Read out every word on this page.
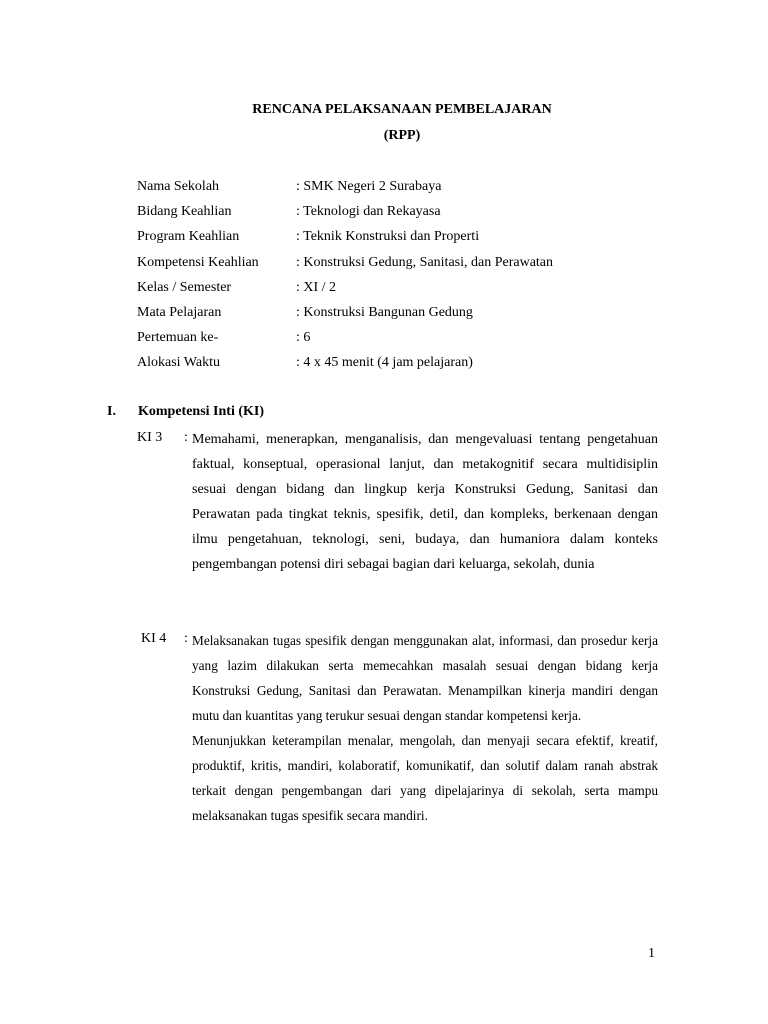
RENCANA PELAKSANAAN PEMBELAJARAN
(RPP)
Nama Sekolah	: SMK Negeri 2 Surabaya
Bidang Keahlian	: Teknologi dan Rekayasa
Program Keahlian	: Teknik Konstruksi dan Properti
Kompetensi Keahlian	: Konstruksi Gedung, Sanitasi, dan Perawatan
Kelas / Semester	: XI / 2
Mata Pelajaran	: Konstruksi Bangunan Gedung
Pertemuan ke-	: 6
Alokasi Waktu	: 4 x 45 menit (4 jam pelajaran)
I. Kompetensi Inti (KI)
KI 3 : Memahami, menerapkan, menganalisis, dan mengevaluasi tentang pengetahuan faktual, konseptual, operasional lanjut, dan metakognitif secara multidisiplin sesuai dengan bidang dan lingkup kerja Konstruksi Gedung, Sanitasi dan Perawatan pada tingkat teknis, spesifik, detil, dan kompleks, berkenaan dengan ilmu pengetahuan, teknologi, seni, budaya, dan humaniora dalam konteks pengembangan potensi diri sebagai bagian dari keluarga, sekolah, dunia

KI 4 : Melaksanakan tugas spesifik dengan menggunakan alat, informasi, dan prosedur kerja yang lazim dilakukan serta memecahkan masalah sesuai dengan bidang kerja Konstruksi Gedung, Sanitasi dan Perawatan. Menampilkan kinerja mandiri dengan mutu dan kuantitas yang terukur sesuai dengan standar kompetensi kerja.

Menunjukkan keterampilan menalar, mengolah, dan menyaji secara efektif, kreatif, produktif, kritis, mandiri, kolaboratif, komunikatif, dan solutif dalam ranah abstrak terkait dengan pengembangan dari yang dipelajarinya di sekolah, serta mampu melaksanakan tugas spesifik secara mandiri.

1
